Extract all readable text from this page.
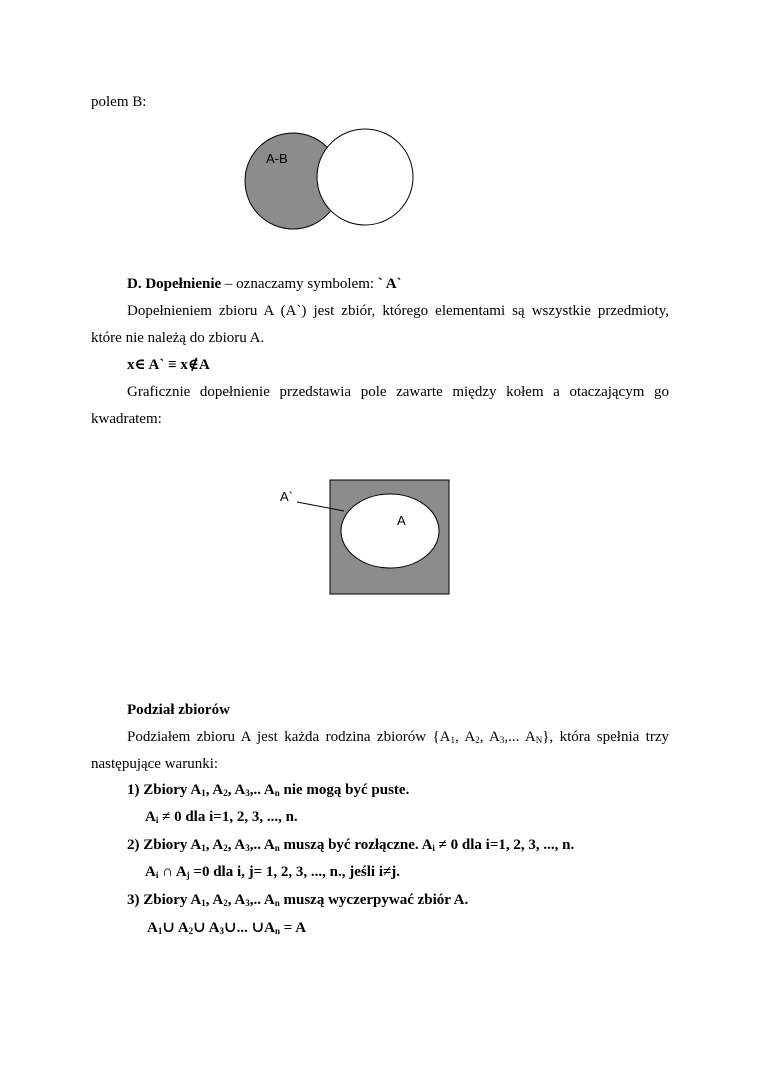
polem B:
A-B
A`
A
D. Dopełnienie – oznaczamy symbolem: ` A`
Dopełnieniem zbioru A (A`) jest zbiór, którego elementami są wszystkie przedmioty,
które nie należą do zbioru A.
x∈ A` ≡ x∉A
Graficznie dopełnienie przedstawia pole zawarte między kołem a otaczającym go
kwadratem:
Podział zbiorów
Podziałem zbioru A jest każda rodzina zbiorów {$A_1$, $A_2$, $A_3$,... $A_N$}, która spełnia trzy
następujące warunki:
1) Zbiory $A_1$, $A_2$, $A_3$,.. $A_n$ nie mogą być puste.
$A_i \ne 0$ dla i=1, 2, 3, ..., n.
2) Zbiory $A_1$, $A_2$, $A_3$,.. $A_n$ muszą być rozłączne. $A_i \ne 0$ dla i=1, 2, 3, ..., n.
$A_i$ ∩ $A_j =0$ dla i, j= 1, 2, 3, ..., n., jeśli i≠j.
3) Zbiory $A_1$, $A_2$, $A_3$,.. $A_n$ muszą wyczerpywać zbiór A.
$A_1\cup$ $A_2\cup$ $A_3\cup$... $\cup A_n = A$
